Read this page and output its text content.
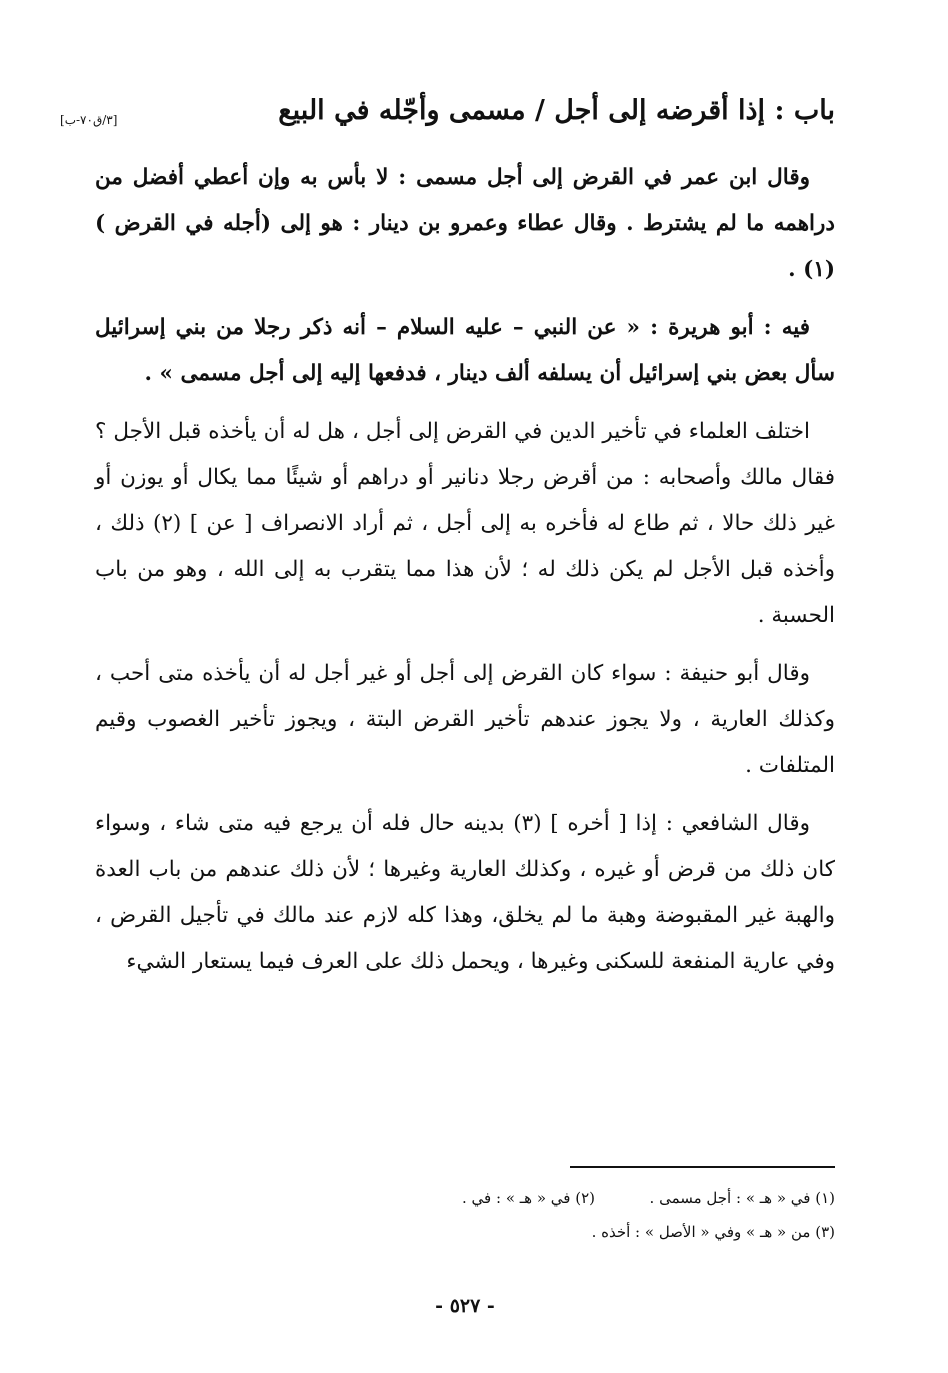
باب : إذا أقرضه إلى أجل / مسمى وأجّله في البيع
[٣/ق٧٠-ب]

وقال ابن عمر في القرض إلى أجل مسمى : لا بأس به وإن أعطي أفضل من دراهمه ما لم يشترط . وقال عطاء وعمرو بن دينار : هو إلى (أجله في القرض ) (١) .

فيه : أبو هريرة : « عن النبي – عليه السلام – أنه ذكر رجلا من بني إسرائيل سأل بعض بني إسرائيل أن يسلفه ألف دينار ، فدفعها إليه إلى أجل مسمى » .

اختلف العلماء في تأخير الدين في القرض إلى أجل ، هل له أن يأخذه قبل الأجل ؟ فقال مالك وأصحابه : من أقرض رجلا دنانير أو دراهم أو شيئًا مما يكال أو يوزن أو غير ذلك حالا ، ثم طاع له فأخره به إلى أجل ، ثم أراد الانصراف [ عن ] (٢) ذلك ، وأخذه قبل الأجل لم يكن ذلك له ؛ لأن هذا مما يتقرب به إلى الله ، وهو من باب الحسبة .

وقال أبو حنيفة : سواء كان القرض إلى أجل أو غير أجل له أن يأخذه متى أحب ، وكذلك العارية ، ولا يجوز عندهم تأخير القرض البتة ، ويجوز تأخير الغصوب وقيم المتلفات .

وقال الشافعي : إذا [ أخره ] (٣) بدينه حال فله أن يرجع فيه متى شاء ، وسواء كان ذلك من قرض أو غيره ، وكذلك العارية وغيرها ؛ لأن ذلك عندهم من باب العدة والهبة غير المقبوضة وهبة ما لم يخلق، وهذا كله لازم عند مالك في تأجيل القرض ، وفي عارية المنفعة للسكنى وغيرها ، ويحمل ذلك على العرف فيما يستعار الشيء

(١) في « هـ » : أجل مسمى .
(٢) في « هـ » : في .
(٣) من « هـ » وفي « الأصل » : أخذه .
- ٥٢٧ -
